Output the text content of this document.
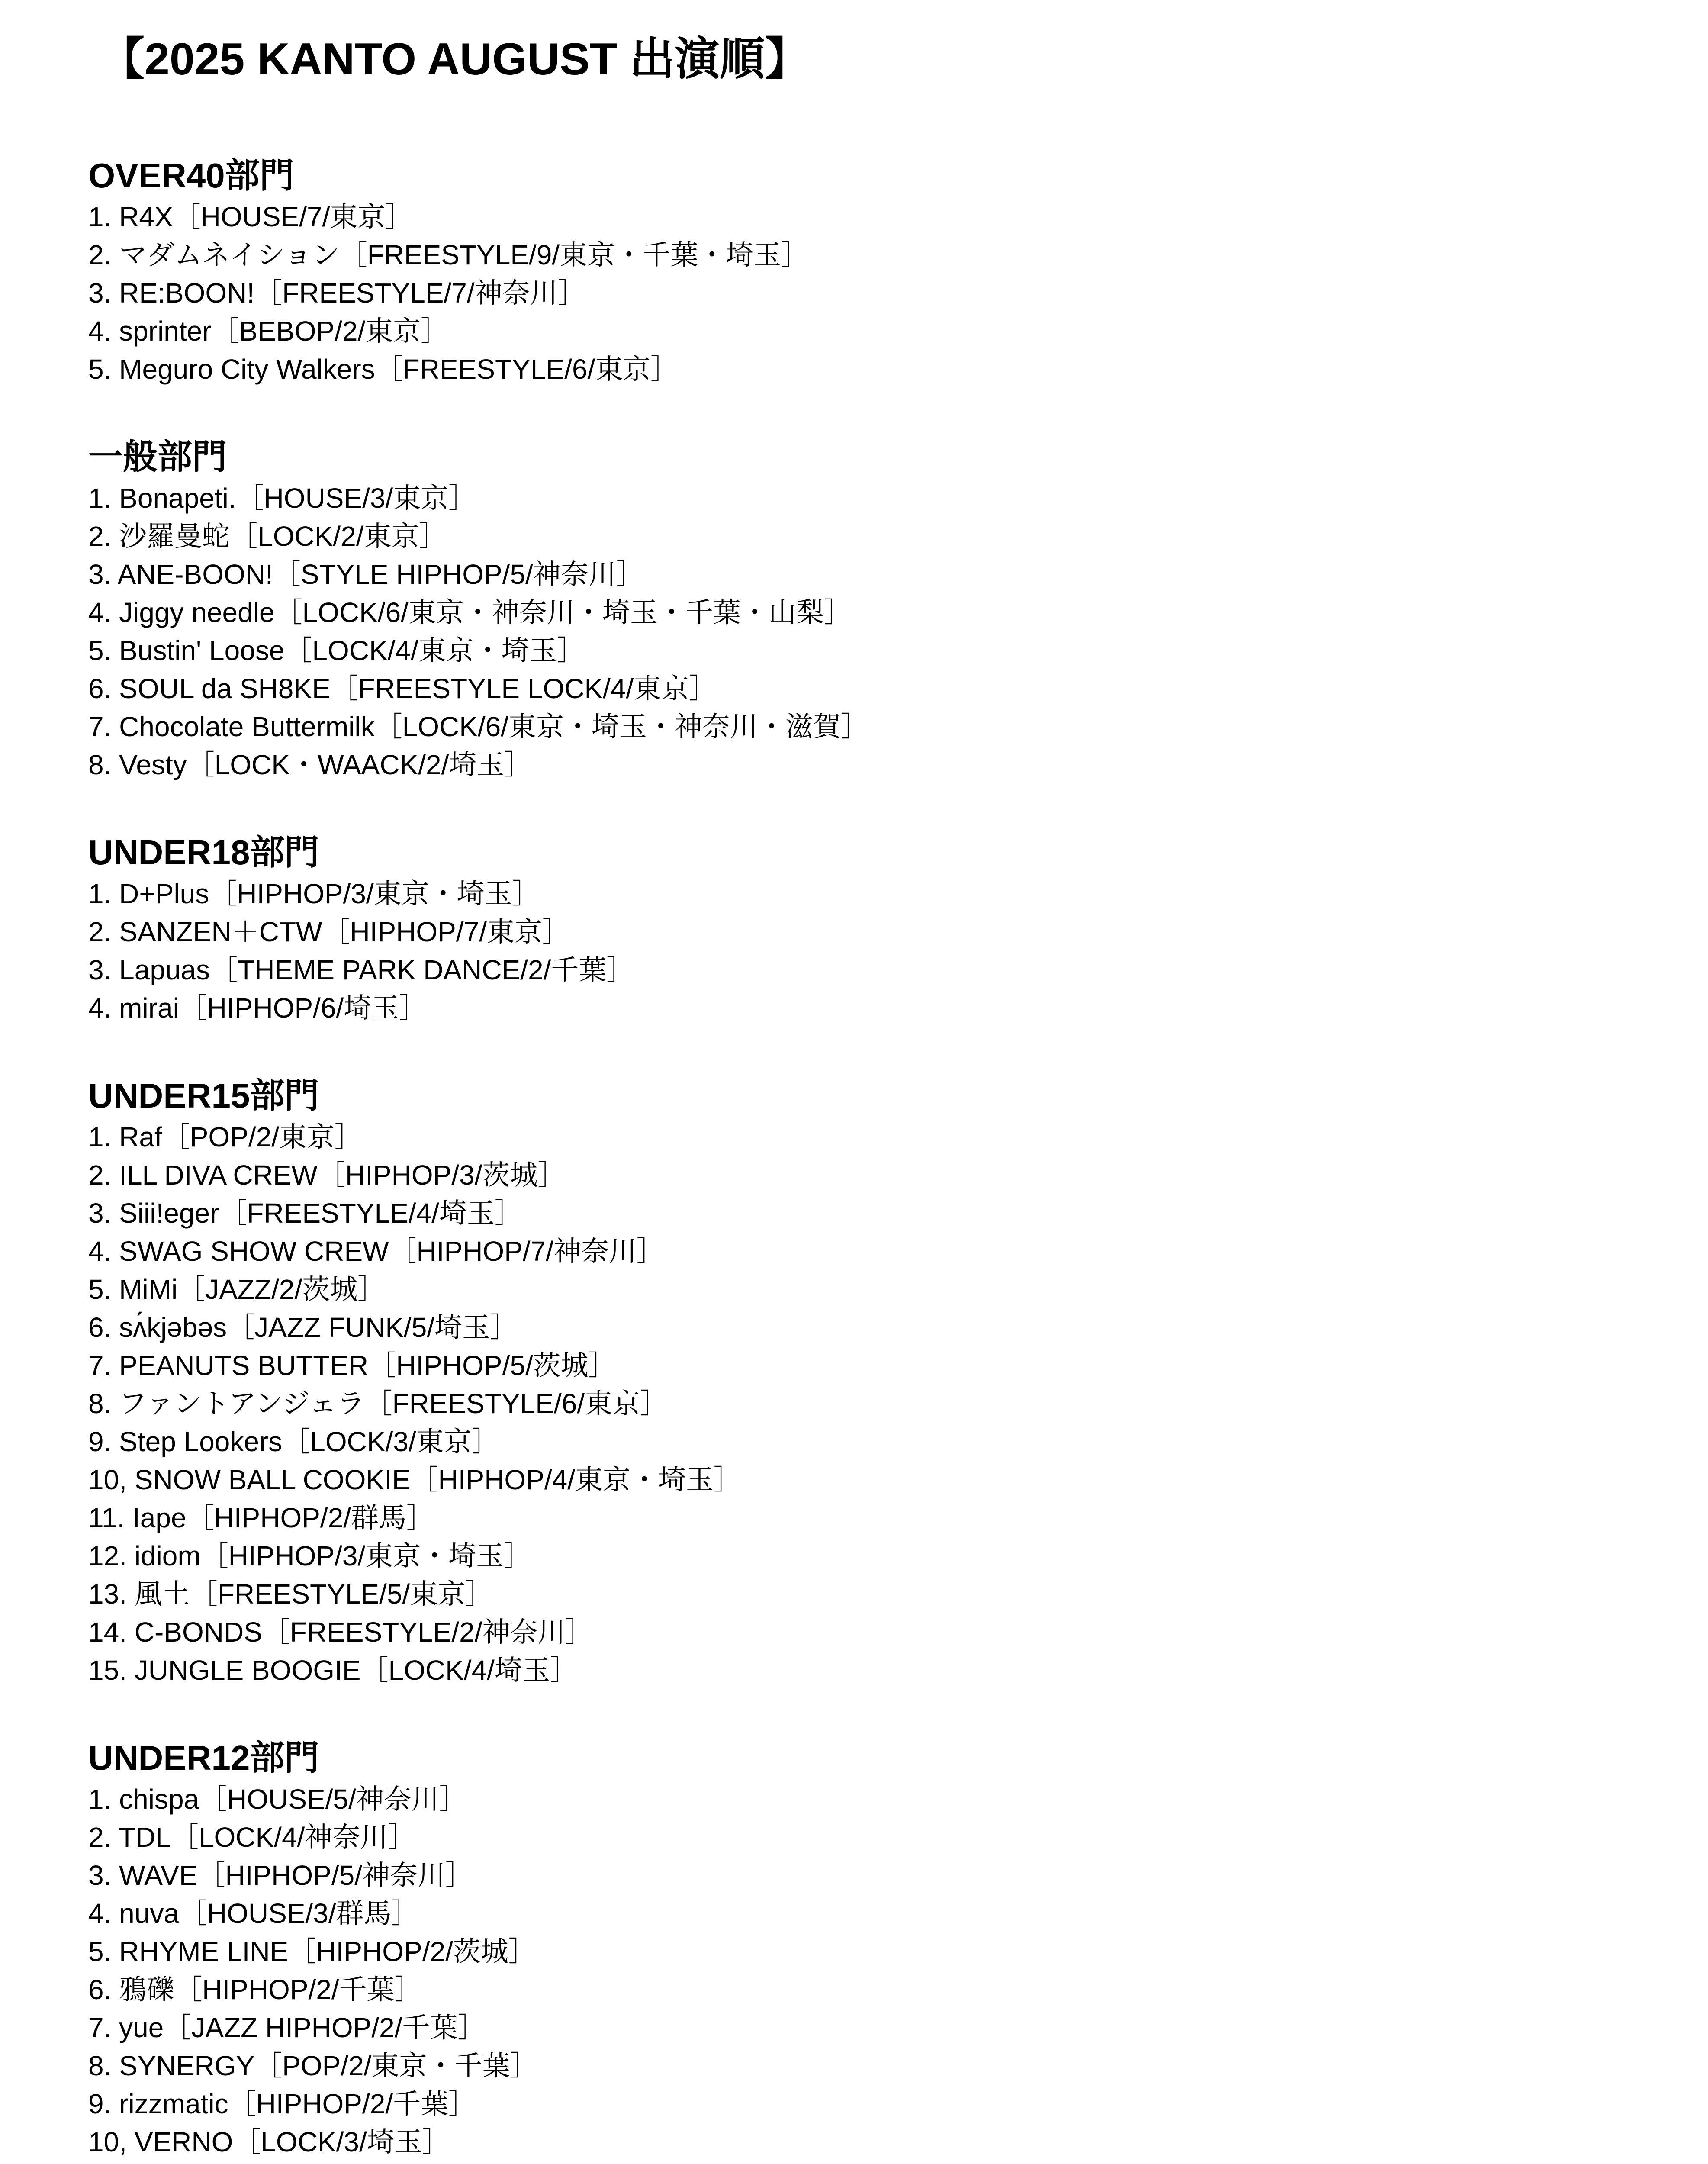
【2025 KANTO AUGUST 出演順】
OVER40部門
1. R4X［HOUSE/7/東京］
2. マダムネイション［FREESTYLE/9/東京・千葉・埼玉］
3. RE:BOON!［FREESTYLE/7/神奈川］
4. sprinter［BEBOP/2/東京］
5. Meguro City Walkers［FREESTYLE/6/東京］
一般部門
1. Bonapeti.［HOUSE/3/東京］
2. 沙羅曼蛇［LOCK/2/東京］
3. ANE-BOON!［STYLE HIPHOP/5/神奈川］
4. Jiggy needle［LOCK/6/東京・神奈川・埼玉・千葉・山梨］
5. Bustin' Loose［LOCK/4/東京・埼玉］
6. SOUL da SH8KE［FREESTYLE LOCK/4/東京］
7. Chocolate Buttermilk［LOCK/6/東京・埼玉・神奈川・滋賀］
8. Vesty［LOCK・WAACK/2/埼玉］
UNDER18部門
1. D+Plus［HIPHOP/3/東京・埼玉］
2. SANZEN＋CTW［HIPHOP/7/東京］
3. Lapuas［THEME PARK DANCE/2/千葉］
4. mirai［HIPHOP/6/埼玉］
UNDER15部門
1. Raf［POP/2/東京］
2. ILL DIVA CREW［HIPHOP/3/茨城］
3. Siii!eger［FREESTYLE/4/埼玉］
4. SWAG SHOW CREW［HIPHOP/7/神奈川］
5. MiMi［JAZZ/2/茨城］
6. sʌ́kjəbəs［JAZZ FUNK/5/埼玉］
7. PEANUTS BUTTER［HIPHOP/5/茨城］
8. ファントアンジェラ［FREESTYLE/6/東京］
9. Step Lookers［LOCK/3/東京］
10, SNOW BALL COOKIE［HIPHOP/4/東京・埼玉］
11. Iape［HIPHOP/2/群馬］
12. idiom［HIPHOP/3/東京・埼玉］
13. 風土［FREESTYLE/5/東京］
14. C-BONDS［FREESTYLE/2/神奈川］
15. JUNGLE BOOGIE［LOCK/4/埼玉］
UNDER12部門
1. chispa［HOUSE/5/神奈川］
2. TDL［LOCK/4/神奈川］
3. WAVE［HIPHOP/5/神奈川］
4. nuva［HOUSE/3/群馬］
5. RHYME LINE［HIPHOP/2/茨城］
6. 鴉礫［HIPHOP/2/千葉］
7. yue［JAZZ HIPHOP/2/千葉］
8. SYNERGY［POP/2/東京・千葉］
9. rizzmatic［HIPHOP/2/千葉］
10, VERNO［LOCK/3/埼玉］
